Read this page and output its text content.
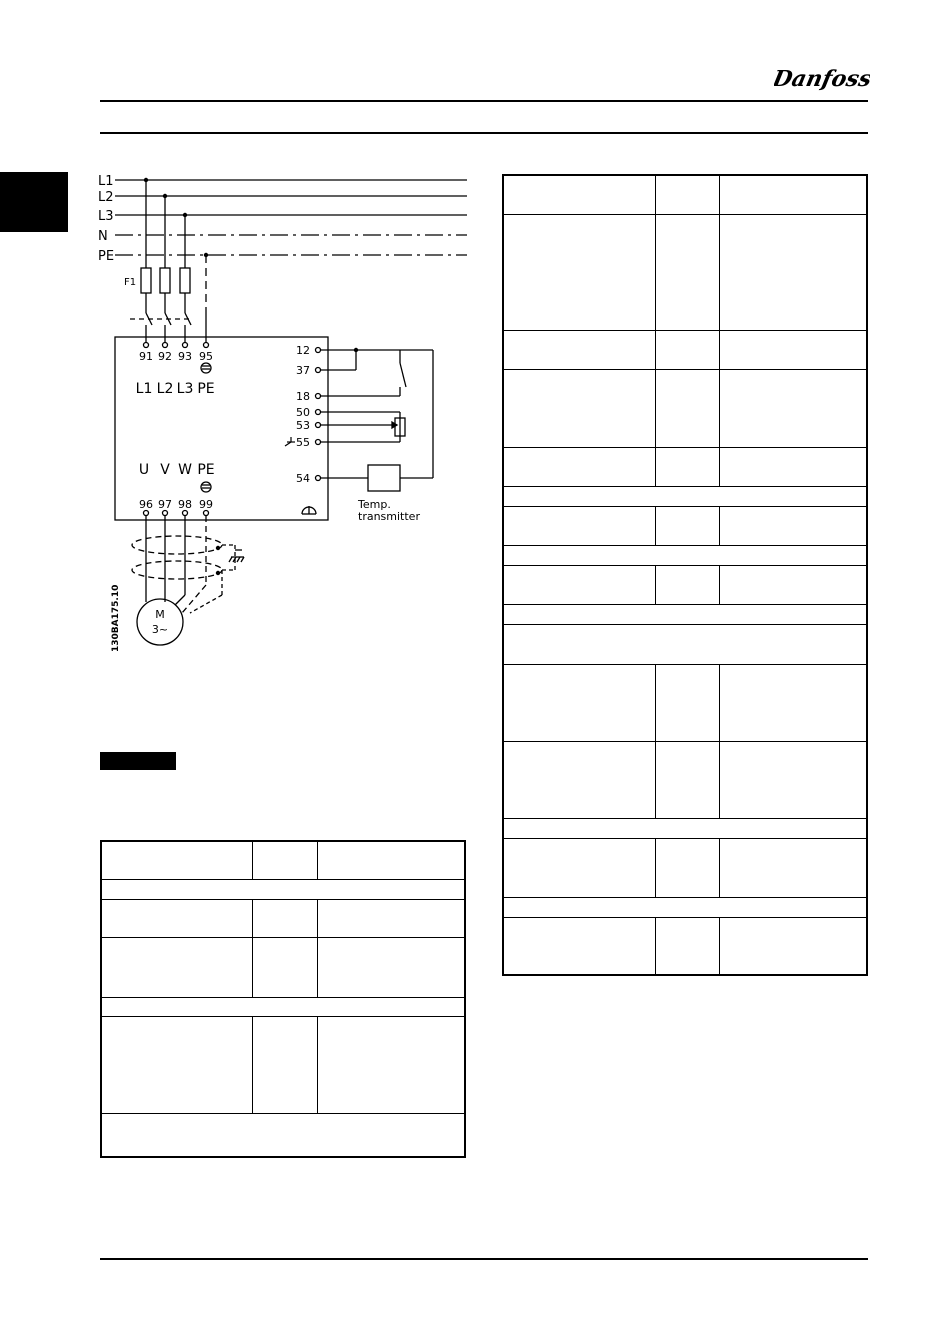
Danfoss
L1
L2
L3
N
PE
F1
91 92 93 95
L1 L2 L3 PE
12
37
18
50
53
55
54
U V W PE
96 97 98 99	Temp.
transmitter
M
3~
130BA175.10
